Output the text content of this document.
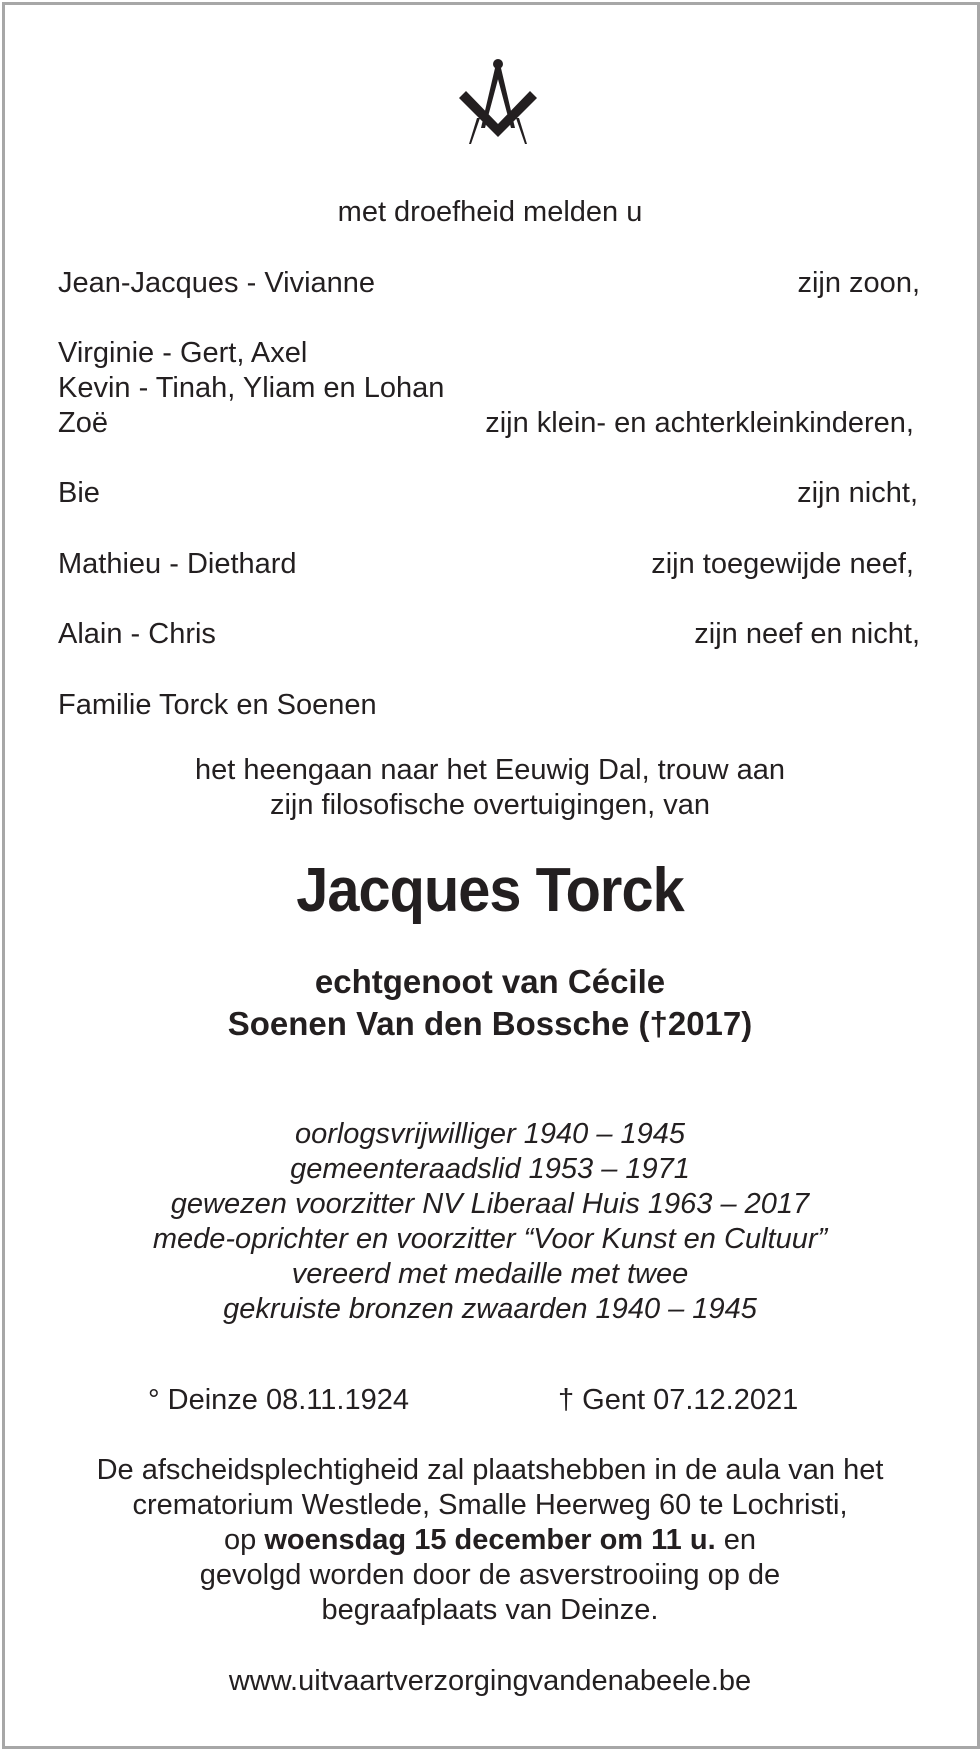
met droefheid melden u
Jean-Jacques - Vivianne	zijn zoon,
Virginie - Gert, Axel
Kevin - Tinah, Yliam en Lohan
Zoë	zijn klein- en achterkleinkinderen,
Bie	zijn nicht,
Mathieu - Diethard	zijn toegewijde neef,
Alain - Chris	zijn neef en nicht,
Familie Torck en Soenen
het heengaan naar het Eeuwig Dal, trouw aan
zijn filosofische overtuigingen, van
Jacques Torck
echtgenoot van Cécile
Soenen Van den Bossche (†2017)
oorlogsvrijwilliger 1940 – 1945
gemeenteraadslid 1953 – 1971
gewezen voorzitter NV Liberaal Huis 1963 – 2017
mede-oprichter en voorzitter “Voor Kunst en Cultuur”
vereerd met medaille met twee
gekruiste bronzen zwaarden 1940 – 1945
° Deinze 08.11.1924	† Gent 07.12.2021
De afscheidsplechtigheid zal plaatshebben in de aula van het
crematorium Westlede, Smalle Heerweg 60 te Lochristi,
op woensdag 15 december om 11 u. en
gevolgd worden door de asverstrooiing op de
begraafplaats van Deinze.
www.uitvaartverzorgingvandenabeele.be
